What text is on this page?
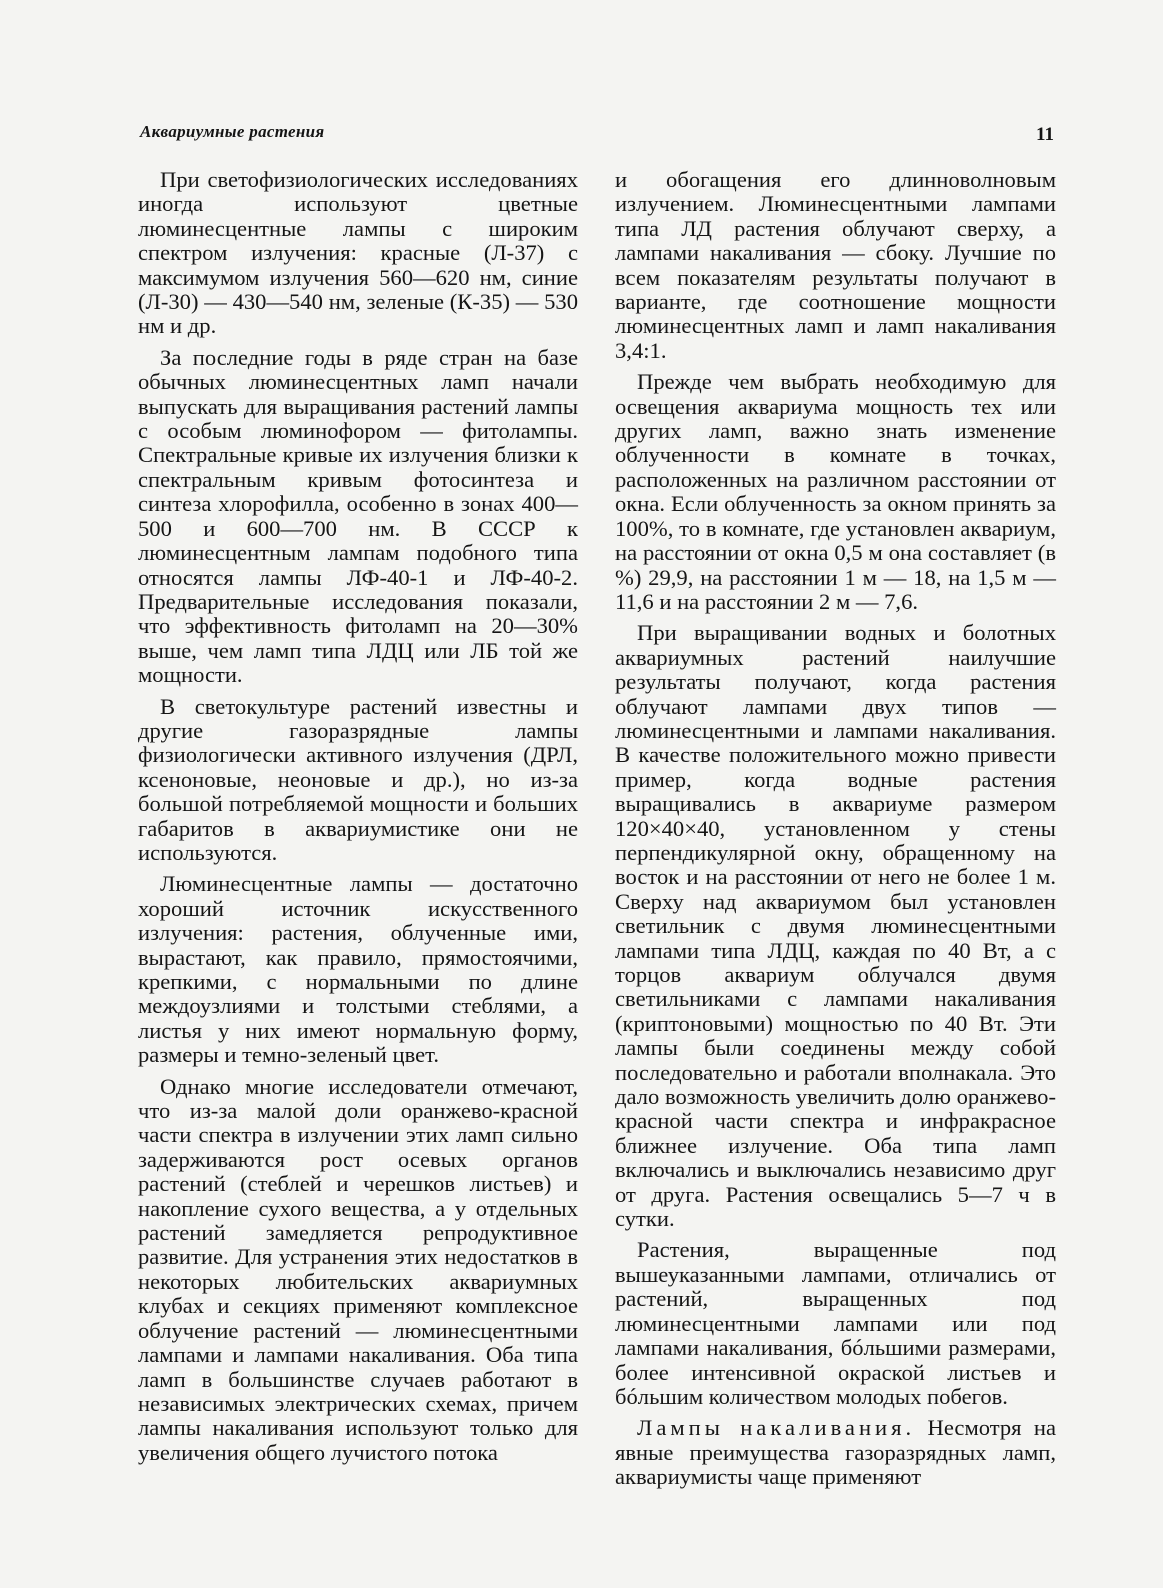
Аквариумные растения	11

При светофизиологических исследованиях иногда используют цветные люминесцентные лампы с широким спектром излучения: красные (Л-37) с максимумом излучения 560—620 нм, синие (Л-30) — 430—540 нм, зеленые (К-35) — 530 нм и др.

За последние годы в ряде стран на базе обычных люминесцентных ламп начали выпускать для выращивания растений лампы с особым люминофором — фитолампы. Спектральные кривые их излучения близки к спектральным кривым фотосинтеза и синтеза хлорофилла, особенно в зонах 400—500 и 600—700 нм. В СССР к люминесцентным лампам подобного типа относятся лампы ЛФ-40-1 и ЛФ-40-2. Предварительные исследования показали, что эффективность фитоламп на 20—30% выше, чем ламп типа ЛДЦ или ЛБ той же мощности.

В светокультуре растений известны и другие газоразрядные лампы физиологически активного излучения (ДРЛ, ксеноновые, неоновые и др.), но из-за большой потребляемой мощности и больших габаритов в аквариумистике они не используются.

Люминесцентные лампы — достаточно хороший источник искусственного излучения: растения, облученные ими, вырастают, как правило, прямостоячими, крепкими, с нормальными по длине междоузлиями и толстыми стеблями, а листья у них имеют нормальную форму, размеры и темно-зеленый цвет.

Однако многие исследователи отмечают, что из-за малой доли оранжево-красной части спектра в излучении этих ламп сильно задерживаются рост осевых органов растений (стеблей и черешков листьев) и накопление сухого вещества, а у отдельных растений замедляется репродуктивное развитие. Для устранения этих недостатков в некоторых любительских аквариумных клубах и секциях применяют комплексное облучение растений — люминесцентными лампами и лампами накаливания. Оба типа ламп в большинстве случаев работают в независимых электрических схемах, причем лампы накаливания используют только для увеличения общего лучистого потока

и обогащения его длинноволновым излучением. Люминесцентными лампами типа ЛД растения облучают сверху, а лампами накаливания — сбоку. Лучшие по всем показателям результаты получают в варианте, где соотношение мощности люминесцентных ламп и ламп накаливания 3,4:1.

Прежде чем выбрать необходимую для освещения аквариума мощность тех или других ламп, важно знать изменение облученности в комнате в точках, расположенных на различном расстоянии от окна. Если облученность за окном принять за 100%, то в комнате, где установлен аквариум, на расстоянии от окна 0,5 м она составляет (в %) 29,9, на расстоянии 1 м — 18, на 1,5 м — 11,6 и на расстоянии 2 м — 7,6.

При выращивании водных и болотных аквариумных растений наилучшие результаты получают, когда растения облучают лампами двух типов — люминесцентными и лампами накаливания. В качестве положительного можно привести пример, когда водные растения выращивались в аквариуме размером 120×40×40, установленном у стены перпендикулярной окну, обращенному на восток и на расстоянии от него не более 1 м. Сверху над аквариумом был установлен светильник с двумя люминесцентными лампами типа ЛДЦ, каждая по 40 Вт, а с торцов аквариум облучался двумя светильниками с лампами накаливания (криптоновыми) мощностью по 40 Вт. Эти лампы были соединены между собой последовательно и работали вполнакала. Это дало возможность увеличить долю оранжево-красной части спектра и инфракрасное ближнее излучение. Оба типа ламп включались и выключались независимо друг от друга. Растения освещались 5—7 ч в сутки.

Растения, выращенные под вышеуказанными лампами, отличались от растений, выращенных под люминесцентными лампами или под лампами накаливания, бóльшими размерами, более интенсивной окраской листьев и бóльшим количеством молодых побегов.

Лампы накаливания. Несмотря на явные преимущества газоразрядных ламп, аквариумисты чаще применяют
